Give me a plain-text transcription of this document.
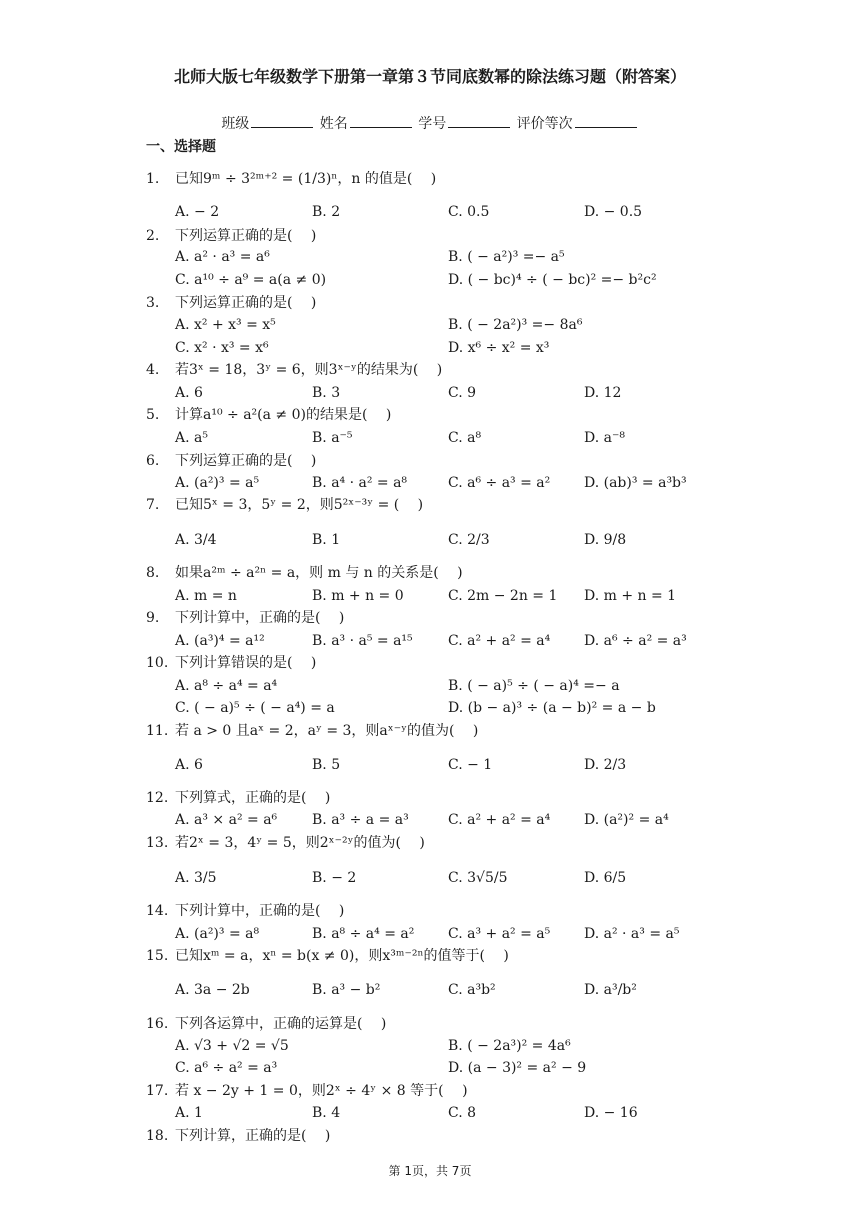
北师大版七年级数学下册第一章第３节同底数幂的除法练习题（附答案）
班级	姓名	学号	评价等次
一、选择题
1. 已知9ᵐ ÷ 3²ᵐ⁺² = (1/3)ⁿ，n 的值是(　 )
A. − 2	B. 2	C. 0.5	D. − 0.5
2. 下列运算正确的是(　 )
A. a² · a³ = a⁶	B. ( − a²)³ =− a⁵
C. a¹⁰ ÷ a⁹ = a(a ≠ 0)	D. ( − bc)⁴ ÷ ( − bc)² =− b²c²
3. 下列运算正确的是(　 )
A. x² + x³ = x⁵	B. ( − 2a²)³ =− 8a⁶
C. x² · x³ = x⁶	D. x⁶ ÷ x² = x³
4. 若3ˣ = 18，3ʸ = 6，则3ˣ⁻ʸ的结果为(　 )
A. 6	B. 3	C. 9	D. 12
5. 计算a¹⁰ ÷ a²(a ≠ 0)的结果是(　 )
A. a⁵	B. a⁻⁵	C. a⁸	D. a⁻⁸
6. 下列运算正确的是(　 )
A. (a²)³ = a⁵	B. a⁴ · a² = a⁸	C. a⁶ ÷ a³ = a² D. (ab)³ = a³b³
7. 已知5ˣ = 3，5ʸ = 2，则5²ˣ⁻³ʸ = (　 )
A. 3/4	B. 1	C. 2/3	D. 9/8
8. 如果a²ᵐ ÷ a²ⁿ = a，则 m 与 n 的关系是(　 )
A. m = n	B. m + n = 0	C. 2m − 2n = 1 D. m + n = 1
9. 下列计算中，正确的是(　 )
A. (a³)⁴ = a¹²	B. a³ · a⁵ = a¹⁵	C. a² + a² = a⁴ D. a⁶ ÷ a² = a³
10. 下列计算错误的是(　 )
A. a⁸ ÷ a⁴ = a⁴	B. ( − a)⁵ ÷ ( − a)⁴ =− a
C. ( − a)⁵ ÷ ( − a⁴) = a	D. (b − a)³ ÷ (a − b)² = a − b
11. 若 a > 0 且aˣ = 2，aʸ = 3，则aˣ⁻ʸ的值为(　 )
A. 6	B. 5	C. − 1	D. 2/3
12. 下列算式，正确的是(　 )
A. a³ × a² = a⁶ B. a³ ÷ a = a³	C. a² + a² = a⁴ D. (a²)² = a⁴
13. 若2ˣ = 3，4ʸ = 5，则2ˣ⁻²ʸ的值为(　 )
A. 3/5	B. − 2	C. 3√5/5	D. 6/5
14. 下列计算中，正确的是(　 )
A. (a²)³ = a⁸	B. a⁸ ÷ a⁴ = a² C. a³ + a² = a⁵ D. a² · a³ = a⁵
15. 已知xᵐ = a，xⁿ = b(x ≠ 0)，则x³ᵐ⁻²ⁿ的值等于(　 )
A. 3a − 2b	B. a³ − b²	C. a³b²	D. a³/b²
16. 下列各运算中，正确的运算是(　 )
A. √3 + √2 = √5	B. ( − 2a³)² = 4a⁶
C. a⁶ ÷ a² = a³	D. (a − 3)² = a² − 9
17. 若 x − 2y + 1 = 0，则2ˣ ÷ 4ʸ × 8 等于(　 )
A. 1	B. 4	C. 8	D. − 16
18. 下列计算，正确的是(　 )
第 1页，共 7页
